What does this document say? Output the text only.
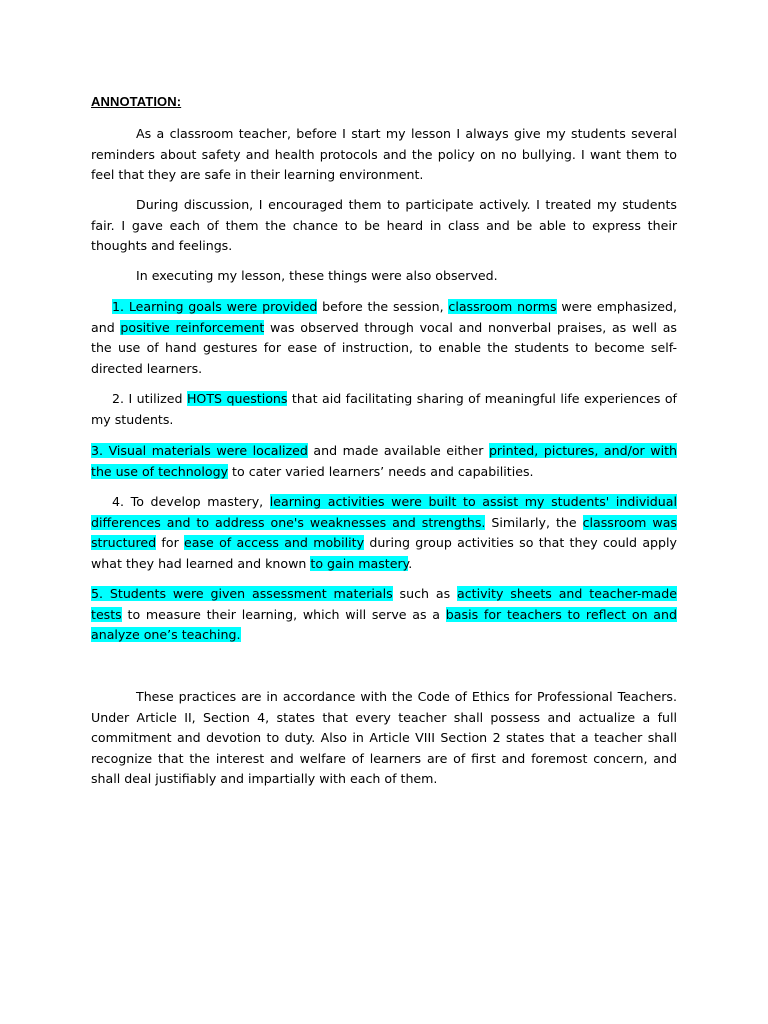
ANNOTATION:

As a classroom teacher, before I start my lesson I always give my students several reminders about safety and health protocols and the policy on no bullying. I want them to feel that they are safe in their learning environment.

During discussion, I encouraged them to participate actively. I treated my students fair. I gave each of them the chance to be heard in class and be able to express their thoughts and feelings.

In executing my lesson, these things were also observed.

1. Learning goals were provided before the session, classroom norms were emphasized, and positive reinforcement was observed through vocal and nonverbal praises, as well as the use of hand gestures for ease of instruction, to enable the students to become self-directed learners.

2. I utilized HOTS questions that aid facilitating sharing of meaningful life experiences of my students.

3. Visual materials were localized and made available either printed, pictures, and/or with the use of technology to cater varied learners’ needs and capabilities.

4. To develop mastery, learning activities were built to assist my students' individual differences and to address one's weaknesses and strengths. Similarly, the classroom was structured for ease of access and mobility during group activities so that they could apply what they had learned and known to gain mastery.

5. Students were given assessment materials such as activity sheets and teacher-made tests to measure their learning, which will serve as a basis for teachers to reflect on and analyze one’s teaching.

These practices are in accordance with the Code of Ethics for Professional Teachers. Under Article II, Section 4, states that every teacher shall possess and actualize a full commitment and devotion to duty. Also in Article VIII Section 2 states that a teacher shall recognize that the interest and welfare of learners are of first and foremost concern, and shall deal justifiably and impartially with each of them.
